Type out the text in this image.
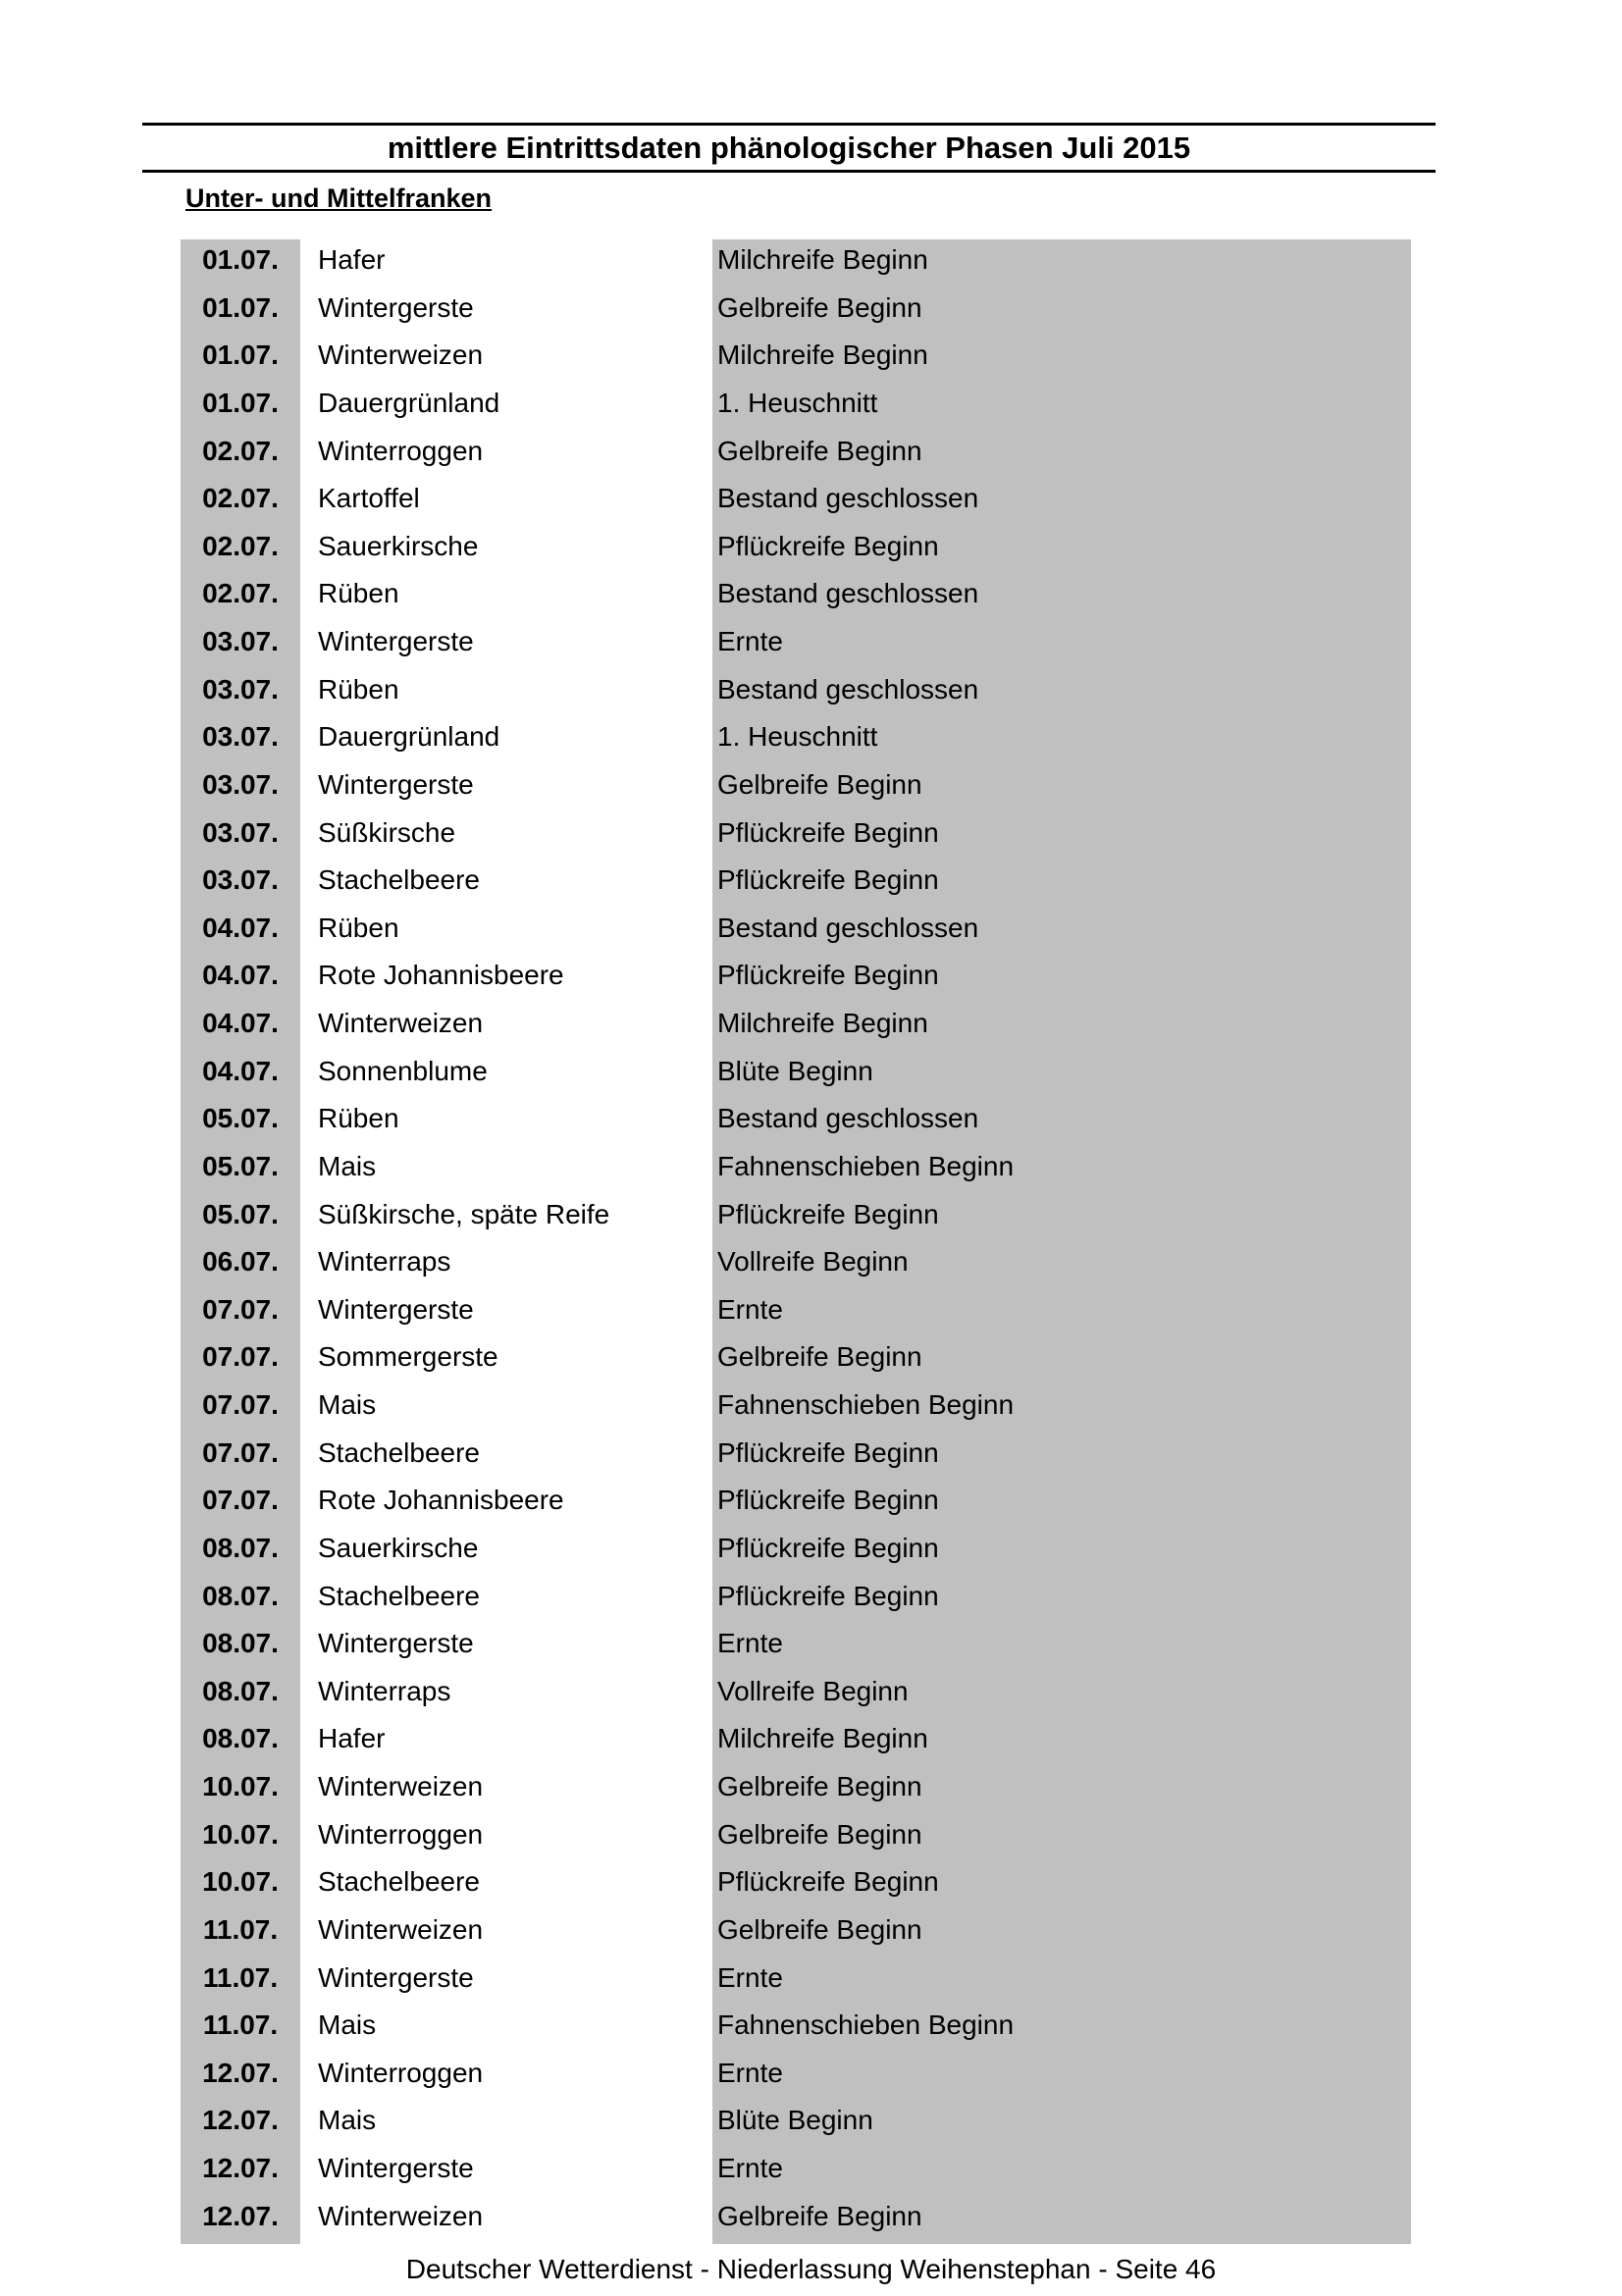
mittlere Eintrittsdaten phänologischer Phasen Juli 2015
Unter- und Mittelfranken
01.07.	Hafer	Milchreife Beginn
01.07.	Wintergerste	Gelbreife Beginn
01.07.	Winterweizen	Milchreife Beginn
01.07.	Dauergrünland	1. Heuschnitt
02.07.	Winterroggen	Gelbreife Beginn
02.07.	Kartoffel	Bestand geschlossen
02.07.	Sauerkirsche	Pflückreife Beginn
02.07.	Rüben	Bestand geschlossen
03.07.	Wintergerste	Ernte
03.07.	Rüben	Bestand geschlossen
03.07.	Dauergrünland	1. Heuschnitt
03.07.	Wintergerste	Gelbreife Beginn
03.07.	Süßkirsche	Pflückreife Beginn
03.07.	Stachelbeere	Pflückreife Beginn
04.07.	Rüben	Bestand geschlossen
04.07.	Rote Johannisbeere	Pflückreife Beginn
04.07.	Winterweizen	Milchreife Beginn
04.07.	Sonnenblume	Blüte Beginn
05.07.	Rüben	Bestand geschlossen
05.07.	Mais	Fahnenschieben Beginn
05.07.	Süßkirsche, späte Reife	Pflückreife Beginn
06.07.	Winterraps	Vollreife Beginn
07.07.	Wintergerste	Ernte
07.07.	Sommergerste	Gelbreife Beginn
07.07.	Mais	Fahnenschieben Beginn
07.07.	Stachelbeere	Pflückreife Beginn
07.07.	Rote Johannisbeere	Pflückreife Beginn
08.07.	Sauerkirsche	Pflückreife Beginn
08.07.	Stachelbeere	Pflückreife Beginn
08.07.	Wintergerste	Ernte
08.07.	Winterraps	Vollreife Beginn
08.07.	Hafer	Milchreife Beginn
10.07.	Winterweizen	Gelbreife Beginn
10.07.	Winterroggen	Gelbreife Beginn
10.07.	Stachelbeere	Pflückreife Beginn
11.07.	Winterweizen	Gelbreife Beginn
11.07.	Wintergerste	Ernte
11.07.	Mais	Fahnenschieben Beginn
12.07.	Winterroggen	Ernte
12.07.	Mais	Blüte Beginn
12.07.	Wintergerste	Ernte
12.07.	Winterweizen	Gelbreife Beginn
Deutscher Wetterdienst - Niederlassung Weihenstephan - Seite 46
